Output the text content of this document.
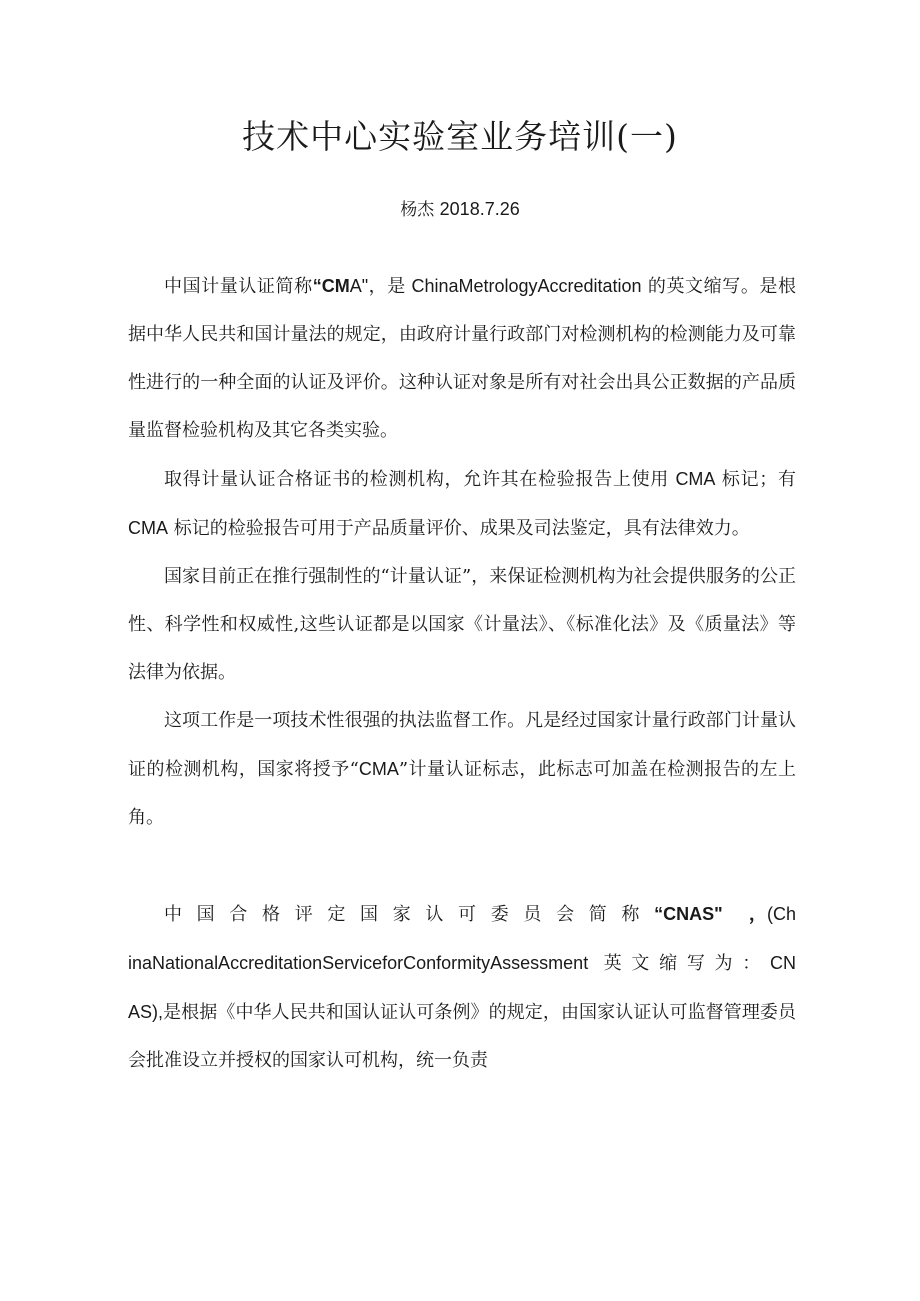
技术中心实验室业务培训(一)
杨杰 2018.7.26

中国计量认证简称“CMA"，是 ChinaMetrologyAccreditation 的英文缩写。是根据中华人民共和国计量法的规定，由政府计量行政部门对检测机构的检测能力及可靠性进行的一种全面的认证及评价。这种认证对象是所有对社会出具公正数据的产品质量监督检验机构及其它各类实验。

取得计量认证合格证书的检测机构，允许其在检验报告上使用 CMA 标记；有 CMA 标记的检验报告可用于产品质量评价、成果及司法鉴定，具有法律效力。

国家目前正在推行强制性的“计量认证”，来保证检测机构为社会提供服务的公正性、科学性和权威性,这些认证都是以国家《计量法》、《标准化法》及《质量法》等法律为依据。

这项工作是一项技术性很强的执法监督工作。凡是经过国家计量行政部门计量认证的检测机构，国家将授予“CMA”计量认证标志，此标志可加盖在检测报告的左上角。

中国合格评定国家认可委员会简称“CNAS" ，(ChinaNationalAccreditationServiceforConformityAssessment 英文缩写为：CNAS),是根据《中华人民共和国认证认可条例》的规定，由国家认证认可监督管理委员会批准设立并授权的国家认可机构，统一负责
